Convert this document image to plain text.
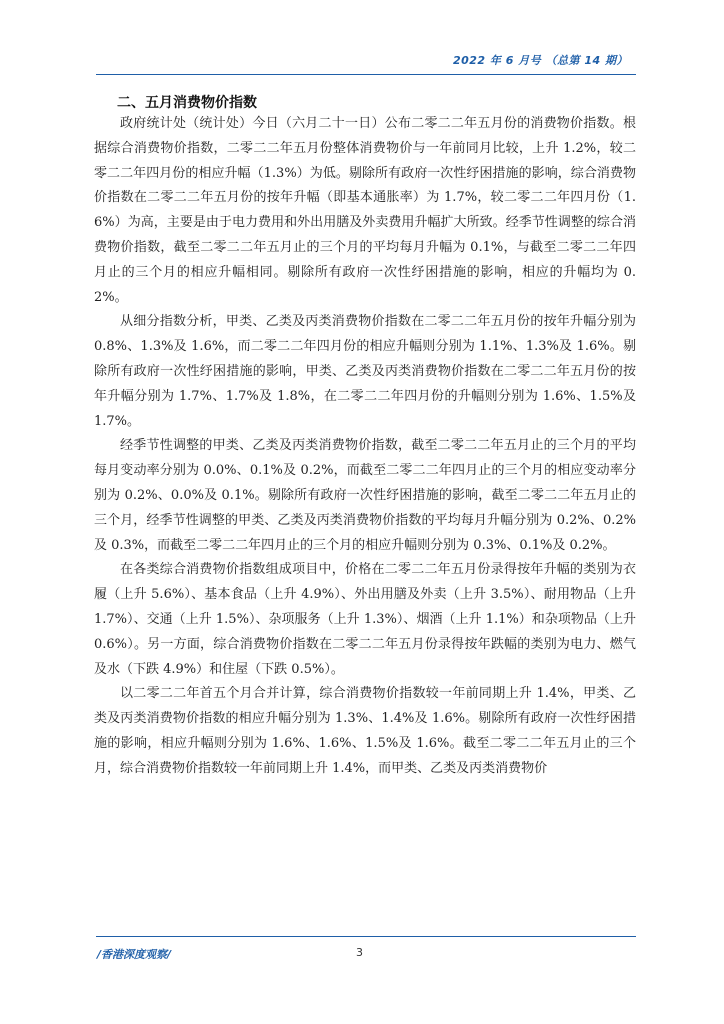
2022 年 6 月号 （总第 14 期）
二、五月消费物价指数

政府统计处（统计处）今日（六月二十一日）公布二零二二年五月份的消费物价指数。根据综合消费物价指数，二零二二年五月份整体消费物价与一年前同月比较，上升 1.2%，较二零二二年四月份的相应升幅（1.3%）为低。剔除所有政府一次性纾困措施的影响，综合消费物价指数在二零二二年五月份的按年升幅（即基本通胀率）为 1.7%，较二零二二年四月份（1.6%）为高，主要是由于电力费用和外出用膳及外卖费用升幅扩大所致。经季节性调整的综合消费物价指数，截至二零二二年五月止的三个月的平均每月升幅为 0.1%，与截至二零二二年四月止的三个月的相应升幅相同。剔除所有政府一次性纾困措施的影响，相应的升幅均为 0.2%。

从细分指数分析，甲类、乙类及丙类消费物价指数在二零二二年五月份的按年升幅分别为 0.8%、1.3%及 1.6%，而二零二二年四月份的相应升幅则分别为 1.1%、1.3%及 1.6%。剔除所有政府一次性纾困措施的影响，甲类、乙类及丙类消费物价指数在二零二二年五月份的按年升幅分别为 1.7%、1.7%及 1.8%，在二零二二年四月份的升幅则分别为 1.6%、1.5%及 1.7%。

经季节性调整的甲类、乙类及丙类消费物价指数，截至二零二二年五月止的三个月的平均每月变动率分别为 0.0%、0.1%及 0.2%，而截至二零二二年四月止的三个月的相应变动率分别为 0.2%、0.0%及 0.1%。剔除所有政府一次性纾困措施的影响，截至二零二二年五月止的三个月，经季节性调整的甲类、乙类及丙类消费物价指数的平均每月升幅分别为 0.2%、0.2%及 0.3%，而截至二零二二年四月止的三个月的相应升幅则分别为 0.3%、0.1%及 0.2%。

在各类综合消费物价指数组成项目中，价格在二零二二年五月份录得按年升幅的类别为衣履（上升 5.6%）、基本食品（上升 4.9%）、外出用膳及外卖（上升 3.5%）、耐用物品（上升 1.7%）、交通（上升 1.5%）、杂项服务（上升 1.3%）、烟酒（上升 1.1%）和杂项物品（上升 0.6%）。另一方面，综合消费物价指数在二零二二年五月份录得按年跌幅的类别为电力、燃气及水（下跌 4.9%）和住屋（下跌 0.5%）。

以二零二二年首五个月合并计算，综合消费物价指数较一年前同期上升 1.4%，甲类、乙类及丙类消费物价指数的相应升幅分别为 1.3%、1.4%及 1.6%。剔除所有政府一次性纾困措施的影响，相应升幅则分别为 1.6%、1.6%、1.5%及 1.6%。截至二零二二年五月止的三个月，综合消费物价指数较一年前同期上升 1.4%，而甲类、乙类及丙类消费物价

/香港深度观察/	3
